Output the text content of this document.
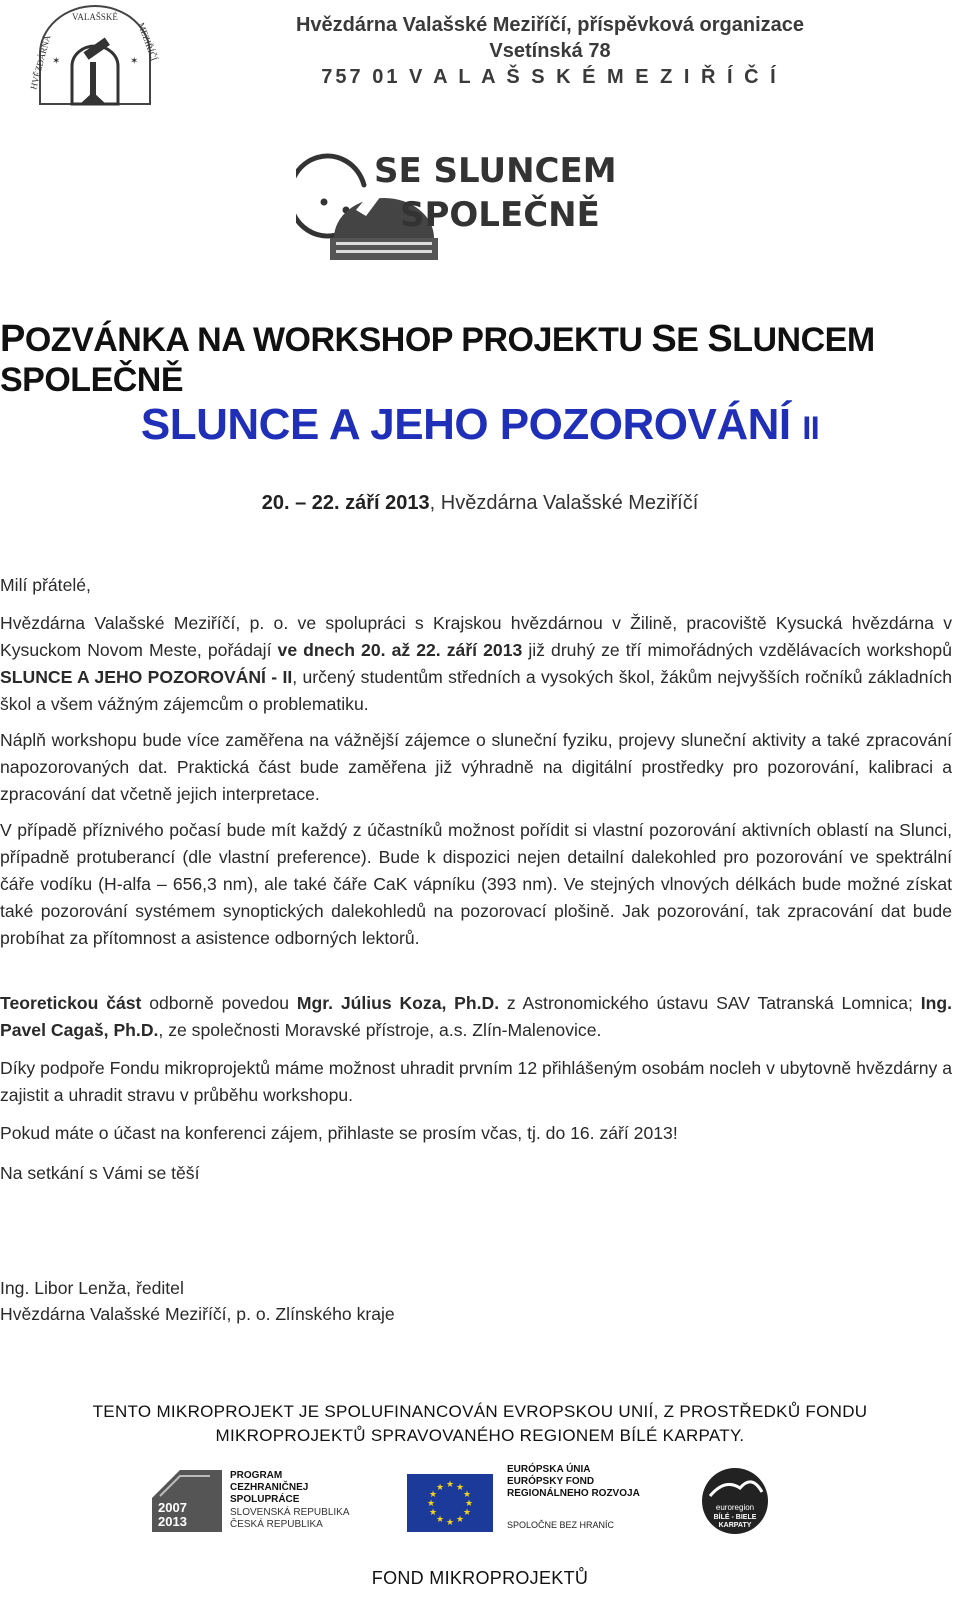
HVĚZDÁRNA
VALAŠSKÉ
MEZIŘÍČÍ
✶	✶
Hvězdárna Valašské Meziříčí, příspěvková organizace
Vsetínská 78
757 01 V A L A Š S K É M E Z I Ř Í Č Í
SE SLUNCEM
SPOLEČNĚ
POZVÁNKA NA WORKSHOP PROJEKTU SE SLUNCEM SPOLEČNĚ
SLUNCE A JEHO POZOROVÁNÍ II
20. – 22. září 2013, Hvězdárna Valašské Meziříčí
Milí přátelé,
Hvězdárna Valašské Meziříčí, p. o. ve spolupráci s Krajskou hvězdárnou v Žilině, pracoviště Kysucká hvězdárna v Kysuckom Novom Meste, pořádají ve dnech 20. až 22. září 2013 již druhý ze tří mimořádných vzdělávacích workshopů SLUNCE A JEHO POZOROVÁNÍ - II, určený studentům středních a vysokých škol, žákům nejvyšších ročníků základních škol a všem vážným zájemcům o problematiku.
Náplň workshopu bude více zaměřena na vážnější zájemce o sluneční fyziku, projevy sluneční aktivity a také zpracování napozorovaných dat. Praktická část bude zaměřena již výhradně na digitální prostředky pro pozorování, kalibraci a zpracování dat včetně jejich interpretace.
V případě příznivého počasí bude mít každý z účastníků možnost pořídit si vlastní pozorování aktivních oblastí na Slunci, případně protuberancí (dle vlastní preference). Bude k dispozici nejen detailní dalekohled pro pozorování ve spektrální čáře vodíku (H-alfa – 656,3 nm), ale také čáře CaK vápníku (393 nm). Ve stejných vlnových délkách bude možné získat také pozorování systémem synoptických dalekohledů na pozorovací plošině. Jak pozorování, tak zpracování dat bude probíhat za přítomnost a asistence odborných lektorů.
Teoretickou část odborně povedou Mgr. Július Koza, Ph.D. z Astronomického ústavu SAV Tatranská Lomnica; Ing. Pavel Cagaš, Ph.D., ze společnosti Moravské přístroje, a.s. Zlín-Malenovice.
Díky podpoře Fondu mikroprojektů máme možnost uhradit prvním 12 přihlášeným osobám nocleh v ubytovně hvězdárny a zajistit a uhradit stravu v průběhu workshopu.
Pokud máte o účast na konferenci zájem, přihlaste se prosím včas, tj. do 16. září 2013!
Na setkání s Vámi se těší
Ing. Libor Lenža, ředitel
Hvězdárna Valašské Meziříčí, p. o. Zlínského kraje
TENTO MIKROPROJEKT JE SPOLUFINANCOVÁN EVROPSKOU UNIÍ, Z PROSTŘEDKŮ FONDU
MIKROPROJEKTŮ SPRAVOVANÉHO REGIONEM BÍLÉ KARPATY.
2007
2013
PROGRAM
CEZHRANIČNEJ
SPOLUPRÁCE
SLOVENSKÁ REPUBLIKA
ČESKÁ REPUBLIKA
★ ★
★
★
★
★
★
★
★
★
★
★
EURÓPSKA ÚNIA
EURÓPSKY FOND
REGIONÁLNEHO ROZVOJA
SPOLOČNE BEZ HRANÍC
euroregion
BÍLÉ - BIELE
KARPATY
FOND MIKROPROJEKTŮ
